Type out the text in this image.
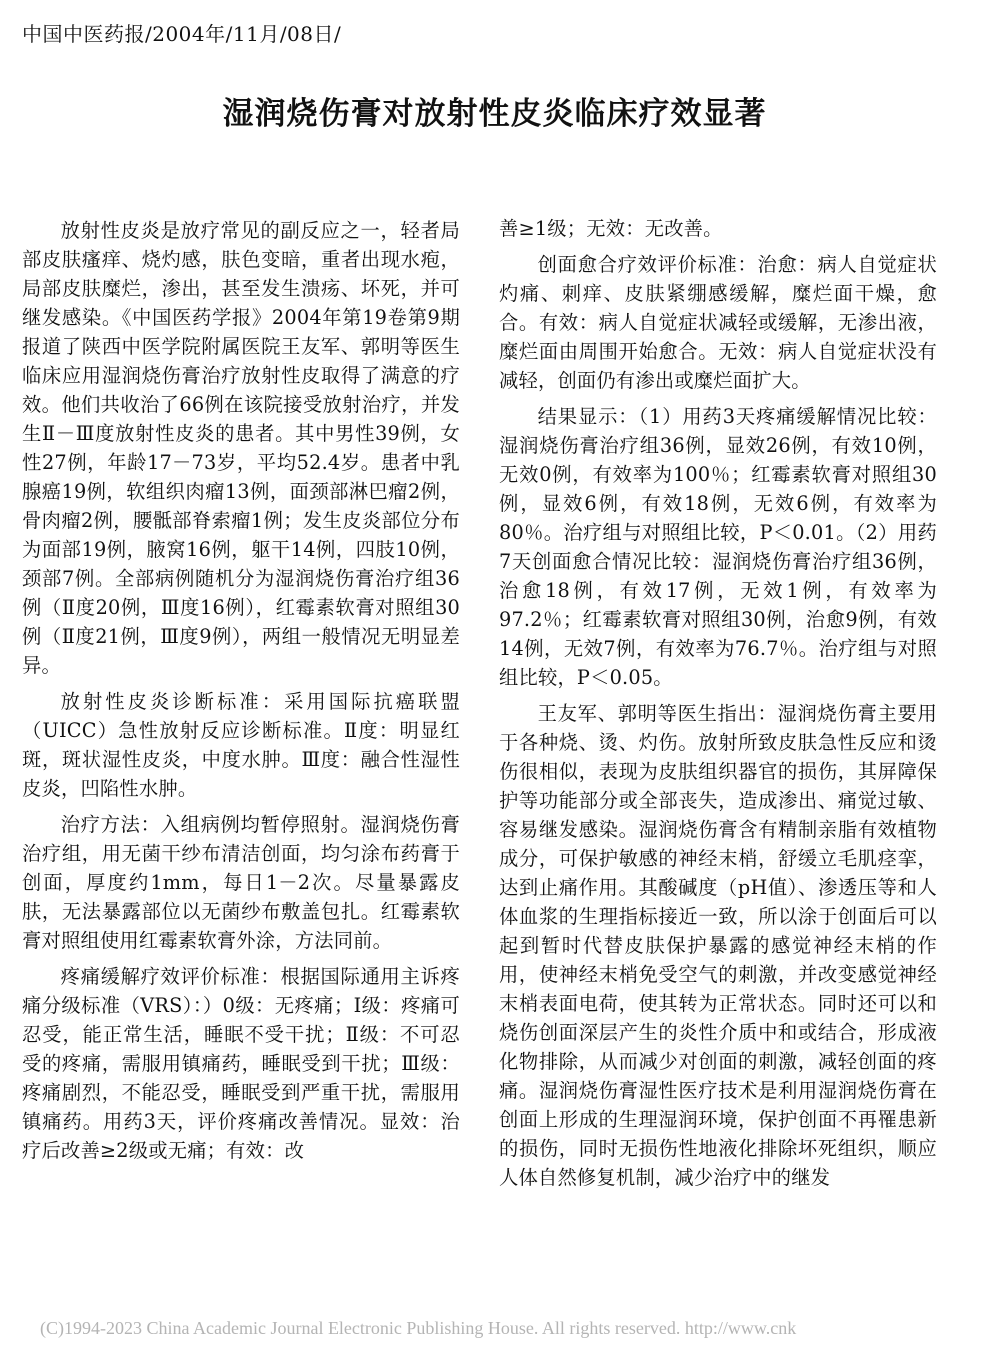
中国中医药报/2004年/11月/08日/
湿润烧伤膏对放射性皮炎临床疗效显著

放射性皮炎是放疗常见的副反应之一，轻者局部皮肤瘙痒、烧灼感，肤色变暗，重者出现水疱，局部皮肤糜烂，渗出，甚至发生溃疡、坏死，并可继发感染。《中国医药学报》2004年第19卷第9期报道了陕西中医学院附属医院王友军、郭明等医生临床应用湿润烧伤膏治疗放射性皮取得了满意的疗效。他们共收治了66例在该院接受放射治疗，并发生Ⅱ－Ⅲ度放射性皮炎的患者。其中男性39例，女性27例，年龄17－73岁，平均52.4岁。患者中乳腺癌19例，软组织肉瘤13例，面颈部淋巴瘤2例，骨肉瘤2例，腰骶部脊索瘤1例；发生皮炎部位分布为面部19例，腋窝16例，躯干14例，四肢10例，颈部7例。全部病例随机分为湿润烧伤膏治疗组36例（Ⅱ度20例，Ⅲ度16例），红霉素软膏对照组30例（Ⅱ度21例，Ⅲ度9例），两组一般情况无明显差异。

放射性皮炎诊断标准：采用国际抗癌联盟（UICC）急性放射反应诊断标准。Ⅱ度：明显红斑，斑状湿性皮炎，中度水肿。Ⅲ度：融合性湿性皮炎，凹陷性水肿。

治疗方法：入组病例均暂停照射。湿润烧伤膏治疗组，用无菌干纱布清洁创面，均匀涂布药膏于创面，厚度约1mm，每日1－2次。尽量暴露皮肤，无法暴露部位以无菌纱布敷盖包扎。红霉素软膏对照组使用红霉素软膏外涂，方法同前。

疼痛缓解疗效评价标准：根据国际通用主诉疼痛分级标准（VRS）：）0级：无疼痛；Ⅰ级：疼痛可忍受，能正常生活，睡眠不受干扰；Ⅱ级：不可忍受的疼痛，需服用镇痛药，睡眠受到干扰；Ⅲ级：疼痛剧烈，不能忍受，睡眠受到严重干扰，需服用镇痛药。用药3天，评价疼痛改善情况。显效：治疗后改善≥2级或无痛；有效：改

善≥1级；无效：无改善。

创面愈合疗效评价标准：治愈：病人自觉症状灼痛、刺痒、皮肤紧绷感缓解，糜烂面干燥，愈合。有效：病人自觉症状减轻或缓解，无渗出液，糜烂面由周围开始愈合。无效：病人自觉症状没有减轻，创面仍有渗出或糜烂面扩大。

结果显示：（1）用药3天疼痛缓解情况比较：湿润烧伤膏治疗组36例，显效26例，有效10例，无效0例，有效率为100％；红霉素软膏对照组30例，显效6例，有效18例，无效6例，有效率为80％。治疗组与对照组比较，P＜0.01。（2）用药7天创面愈合情况比较：湿润烧伤膏治疗组36例，治愈18例，有效17例，无效1例，有效率为97.2％；红霉素软膏对照组30例，治愈9例，有效14例，无效7例，有效率为76.7％。治疗组与对照组比较，P＜0.05。

王友军、郭明等医生指出：湿润烧伤膏主要用于各种烧、烫、灼伤。放射所致皮肤急性反应和烫伤很相似，表现为皮肤组织器官的损伤，其屏障保护等功能部分或全部丧失，造成渗出、痛觉过敏、容易继发感染。湿润烧伤膏含有精制亲脂有效植物成分，可保护敏感的神经末梢，舒缓立毛肌痉挛，达到止痛作用。其酸碱度（pH值）、渗透压等和人体血浆的生理指标接近一致，所以涂于创面后可以起到暂时代替皮肤保护暴露的感觉神经末梢的作用，使神经末梢免受空气的刺激，并改变感觉神经末梢表面电荷，使其转为正常状态。同时还可以和烧伤创面深层产生的炎性介质中和或结合，形成液化物排除，从而减少对创面的刺激，减轻创面的疼痛。湿润烧伤膏湿性医疗技术是利用湿润烧伤膏在创面上形成的生理湿润环境，保护创面不再罹患新的损伤，同时无损伤性地液化排除坏死组织，顺应人体自然修复机制，减少治疗中的继发

(C)1994-2023 China Academic Journal Electronic Publishing House. All rights reserved. http://www.cnk
